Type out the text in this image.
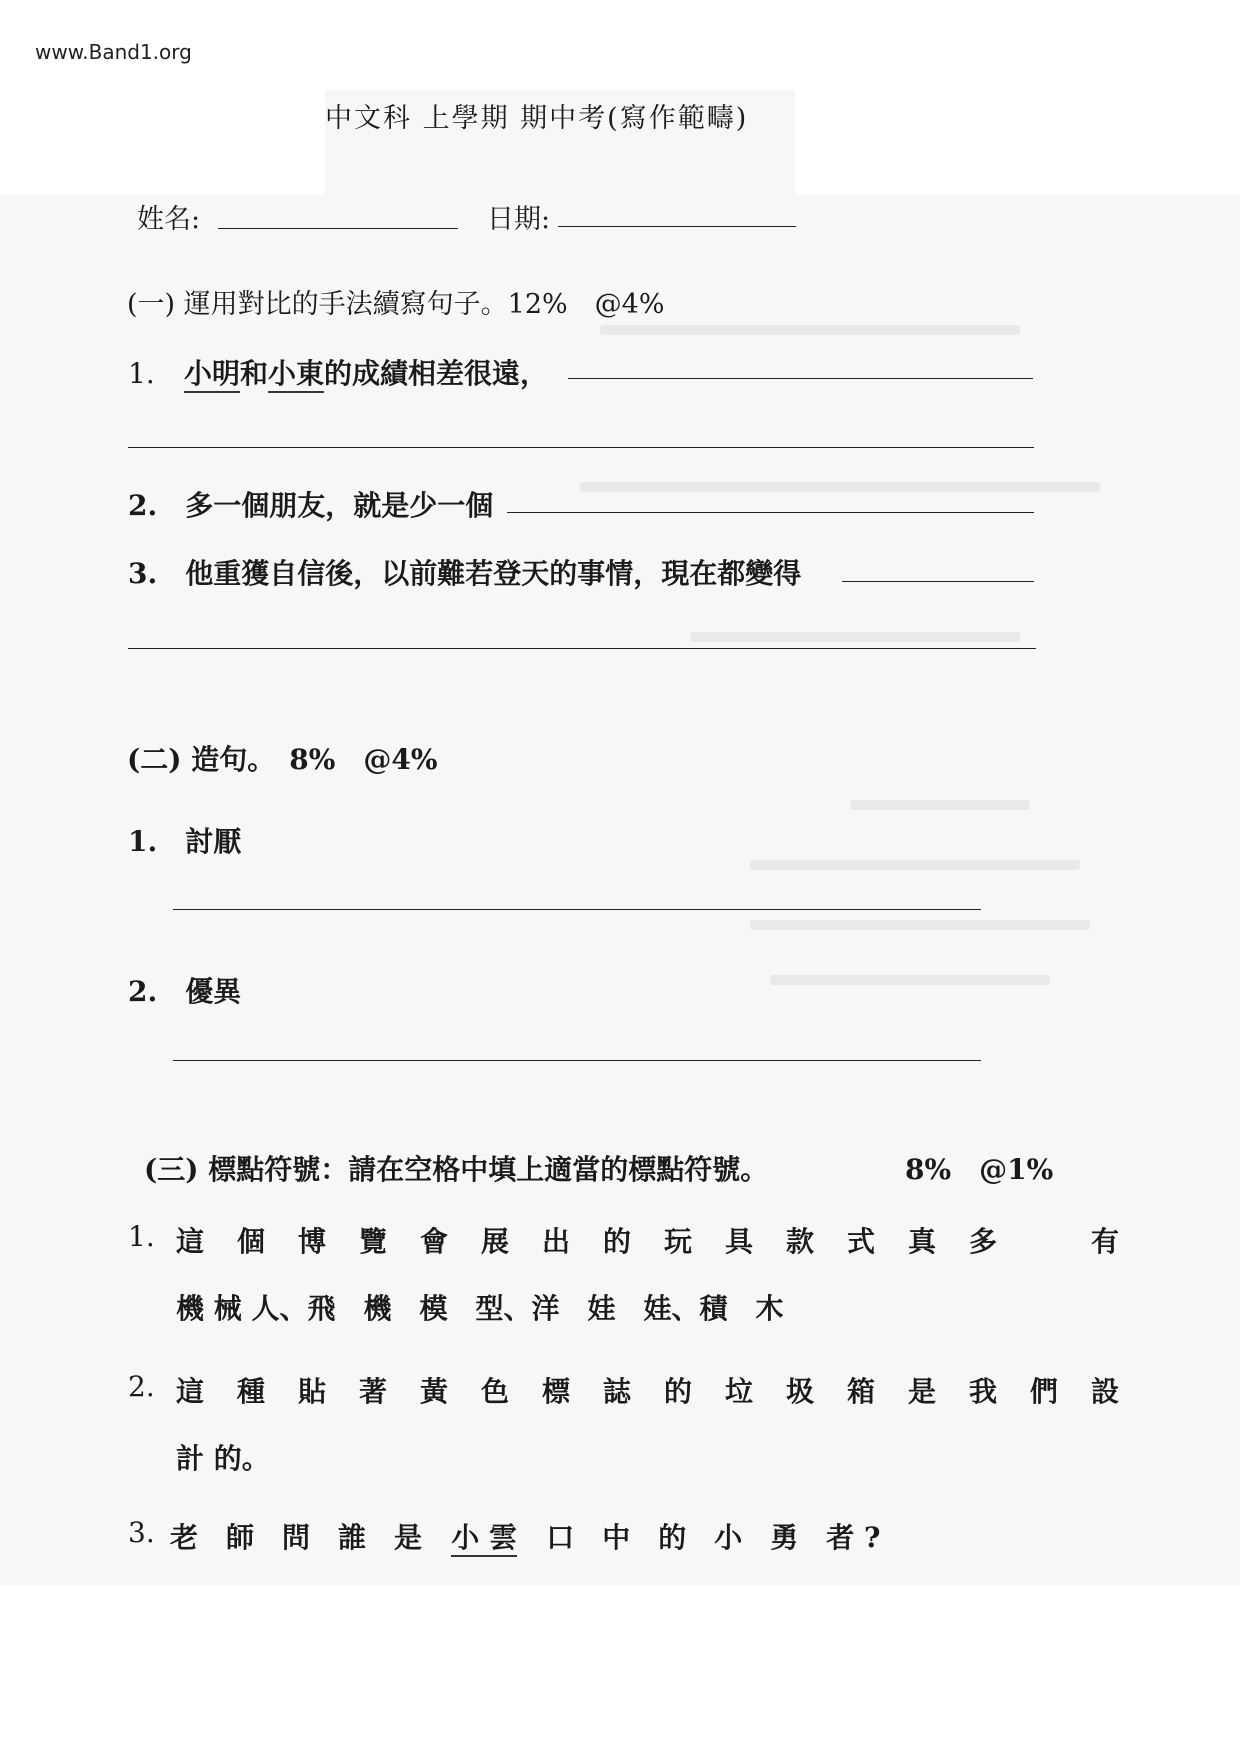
www.Band1.org
中文科 上學期 期中考(寫作範疇)
姓名:	日期:
(一) 運用對比的手法續寫句子。12%　@4%
1. 小明和小東的成績相差很遠，
2.　多一個朋友，就是少一個
3.　他重獲自信後，以前難若登天的事情，現在都變得
(二) 造句。　8%　@4%
1.　討厭
2.　優異
(三) 標點符號：請在空格中填上適當的標點符號。	8%　@1%
1. 這 個 博 覽 會 展 出 的 玩 具 款 式 真 多	有
機 械 人、飛　機　模　型、洋　娃　娃、積　木
2. 這 種 貼 著 黃 色 標 誌 的 垃 圾 箱 是 我 們 設
計 的。
3. 老　師　問　誰　是 小 雲 口　中　的　小　勇　者 ?
